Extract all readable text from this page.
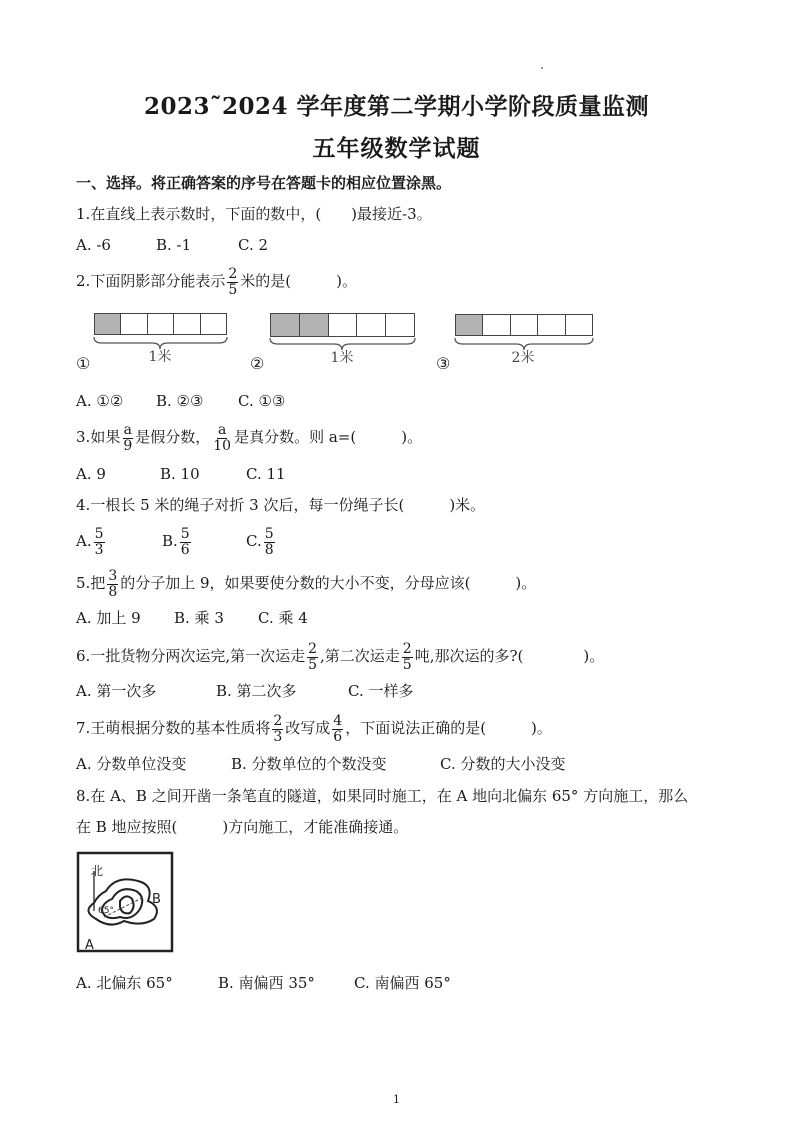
2023˜2024 学年度第二学期小学阶段质量监测
五年级数学试题
一、选择。将正确答案的序号在答题卡的相应位置涂黑。
1.在直线上表示数时，下面的数中，(　　)最接近-3。
A. -6	B. -1	C. 2
2.下面阴影部分能表示 $\frac{2}{5}$ 米的是(　　　)。
1米
①	1米
②	2米
③
A. ①② B. ②③ C. ①③
3.如果 $\frac{a}{9}$ 是假分数， $\frac{a}{10}$ 是真分数。则 a=(　　　)。
A. 9	B. 10	C. 11
4.一根长 5 米的绳子对折 3 次后，每一份绳子长(　　　)米。
A. $\frac{5}{3}$	B. $\frac{5}{6}$	C. $\frac{5}{8}$
5.把 $\frac{3}{8}$ 的分子加上 9，如果要使分数的大小不变，分母应该(　　　)。
A. 加上 9 B. 乘 3 C. 乘 4
6.一批货物分两次运完,第一次运走 $\frac{2}{5}$ ,第二次运走 $\frac{2}{5}$ 吨,那次运的多?(　　　　)。
A. 第一次多	B. 第二次多	C. 一样多
7.王萌根据分数的基本性质将 $\frac{2}{3}$ 改写成 $\frac{4}{6}$ ，下面说法正确的是(　　　)。
A. 分数单位没变	B. 分数单位的个数没变	C. 分数的大小没变
8.在 A、B 之间开凿一条笔直的隧道，如果同时施工，在 A 地向北偏东 65° 方向施工，那么
在 B 地应按照(　　　)方向施工，才能准确接通。
北
65°
B
A
A. 北偏东 65°	B. 南偏西 35°	C. 南偏西 65°
1
